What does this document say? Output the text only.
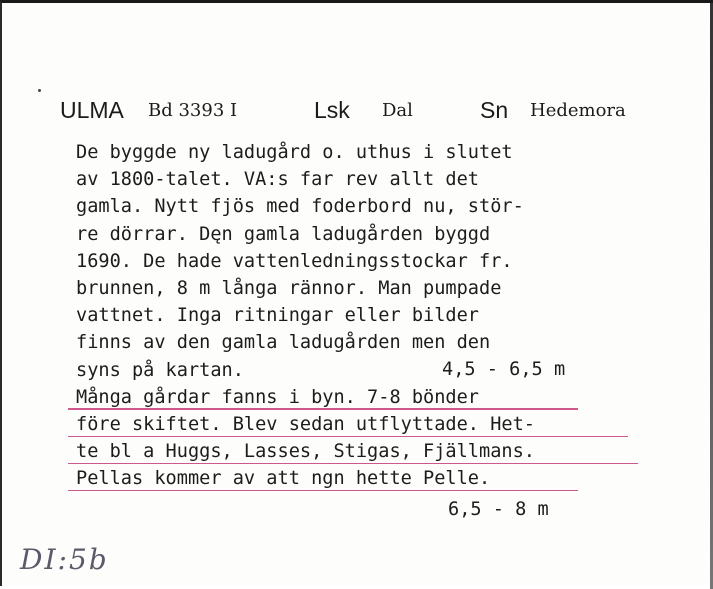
ULMA Bd 3393 I	Lsk Dal	Sn Hedemora
De byggde ny ladugård o. uthus i slutet
av 1800-talet. VA:s far rev allt det
gamla. Nytt fjös med foderbord nu, stör-
re dörrar. Dęn gamla ladugården byggd
1690. De hade vattenledningsstockar fr.
brunnen, 8 m långa rännor. Man pumpade
vattnet. Inga ritningar eller bilder
finns av den gamla ladugården men den
syns på kartan.
Många gårdar fanns i byn. 7-8 bönder
före skiftet. Blev sedan utflyttade. Het-
te bl a Huggs, Lasses, Stigas, Fjällmans.
Pellas kommer av att ngn hette Pelle.
4,5 - 6,5 m
6,5 - 8 m
DI:5b
